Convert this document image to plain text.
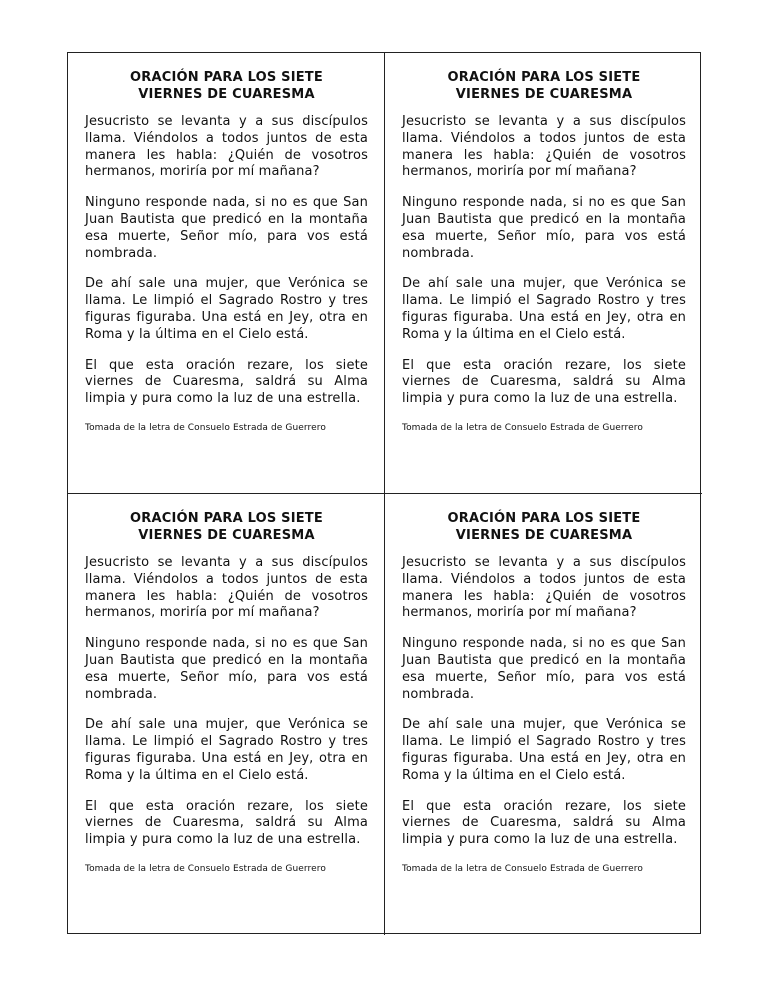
ORACIÓN PARA LOS SIETE
VIERNES DE CUARESMA

Jesucristo se levanta y a sus discípulos llama. Viéndolos a todos juntos de esta manera les habla: ¿Quién de vosotros hermanos, moriría por mí mañana?

Ninguno responde nada, si no es que San Juan Bautista que predicó en la montaña esa muerte, Señor mío, para vos está nombrada.

De ahí sale una mujer, que Verónica se llama. Le limpió el Sagrado Rostro y tres figuras figuraba. Una está en Jey, otra en Roma y la última en el Cielo está.

El que esta oración rezare, los siete viernes de Cuaresma, saldrá su Alma limpia y pura como la luz de una estrella.

Tomada de la letra de Consuelo Estrada de Guerrero
ORACIÓN PARA LOS SIETE
VIERNES DE CUARESMA

Jesucristo se levanta y a sus discípulos llama. Viéndolos a todos juntos de esta manera les habla: ¿Quién de vosotros hermanos, moriría por mí mañana?

Ninguno responde nada, si no es que San Juan Bautista que predicó en la montaña esa muerte, Señor mío, para vos está nombrada.

De ahí sale una mujer, que Verónica se llama. Le limpió el Sagrado Rostro y tres figuras figuraba. Una está en Jey, otra en Roma y la última en el Cielo está.

El que esta oración rezare, los siete viernes de Cuaresma, saldrá su Alma limpia y pura como la luz de una estrella.

Tomada de la letra de Consuelo Estrada de Guerrero
ORACIÓN PARA LOS SIETE
VIERNES DE CUARESMA

Jesucristo se levanta y a sus discípulos llama. Viéndolos a todos juntos de esta manera les habla: ¿Quién de vosotros hermanos, moriría por mí mañana?

Ninguno responde nada, si no es que San Juan Bautista que predicó en la montaña esa muerte, Señor mío, para vos está nombrada.

De ahí sale una mujer, que Verónica se llama. Le limpió el Sagrado Rostro y tres figuras figuraba. Una está en Jey, otra en Roma y la última en el Cielo está.

El que esta oración rezare, los siete viernes de Cuaresma, saldrá su Alma limpia y pura como la luz de una estrella.

Tomada de la letra de Consuelo Estrada de Guerrero
ORACIÓN PARA LOS SIETE
VIERNES DE CUARESMA

Jesucristo se levanta y a sus discípulos llama. Viéndolos a todos juntos de esta manera les habla: ¿Quién de vosotros hermanos, moriría por mí mañana?

Ninguno responde nada, si no es que San Juan Bautista que predicó en la montaña esa muerte, Señor mío, para vos está nombrada.

De ahí sale una mujer, que Verónica se llama. Le limpió el Sagrado Rostro y tres figuras figuraba. Una está en Jey, otra en Roma y la última en el Cielo está.

El que esta oración rezare, los siete viernes de Cuaresma, saldrá su Alma limpia y pura como la luz de una estrella.

Tomada de la letra de Consuelo Estrada de Guerrero
